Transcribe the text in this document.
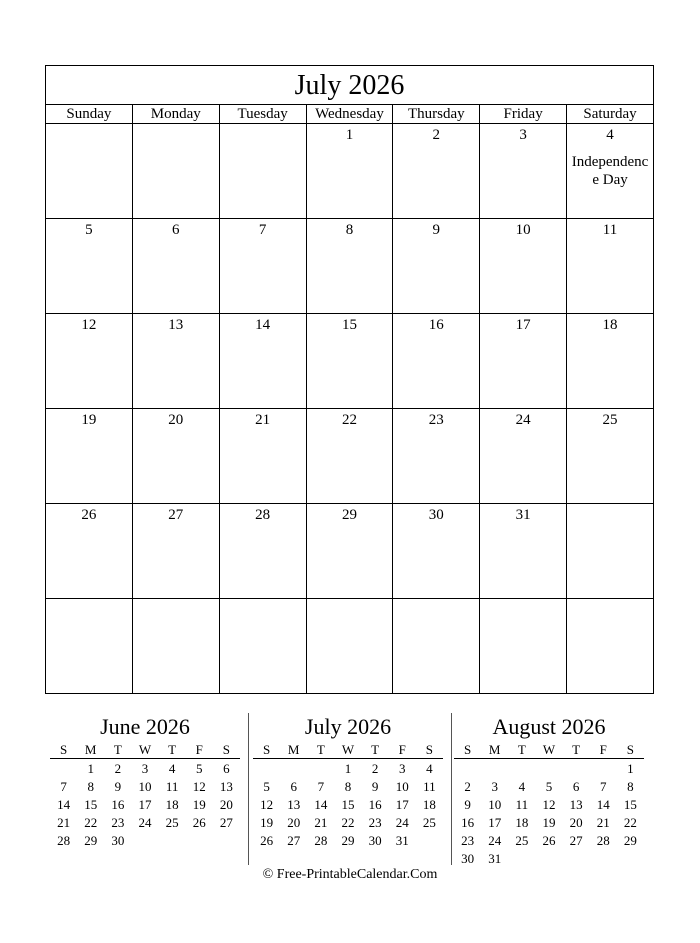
July 2026						
Sunday	Monday	Tuesday	Wednesday	Thursday	Friday	Saturday

			1	2	3	4
Independence Day

5	6	7	8	9	10	11

12	13	14	15	16	17	18

19	20	21	22	23	24	25

26	27	28	29	30	31	

June 2026
S	M	T	W	T	F	S
	1	2	3	4	5	6
7	8	9	10	11	12	13
14	15	16	17	18	19	20
21	22	23	24	25	26	27
28	29	30				
July 2026
S	M	T	W	T	F	S
			1	2	3	4
5	6	7	8	9	10	11
12	13	14	15	16	17	18
19	20	21	22	23	24	25
26	27	28	29	30	31	
August 2026
S	M	T	W	T	F	S
						1
2	3	4	5	6	7	8
9	10	11	12	13	14	15
16	17	18	19	20	21	22
23	24	25	26	27	28	29
30	31					
© Free-PrintableCalendar.Com
